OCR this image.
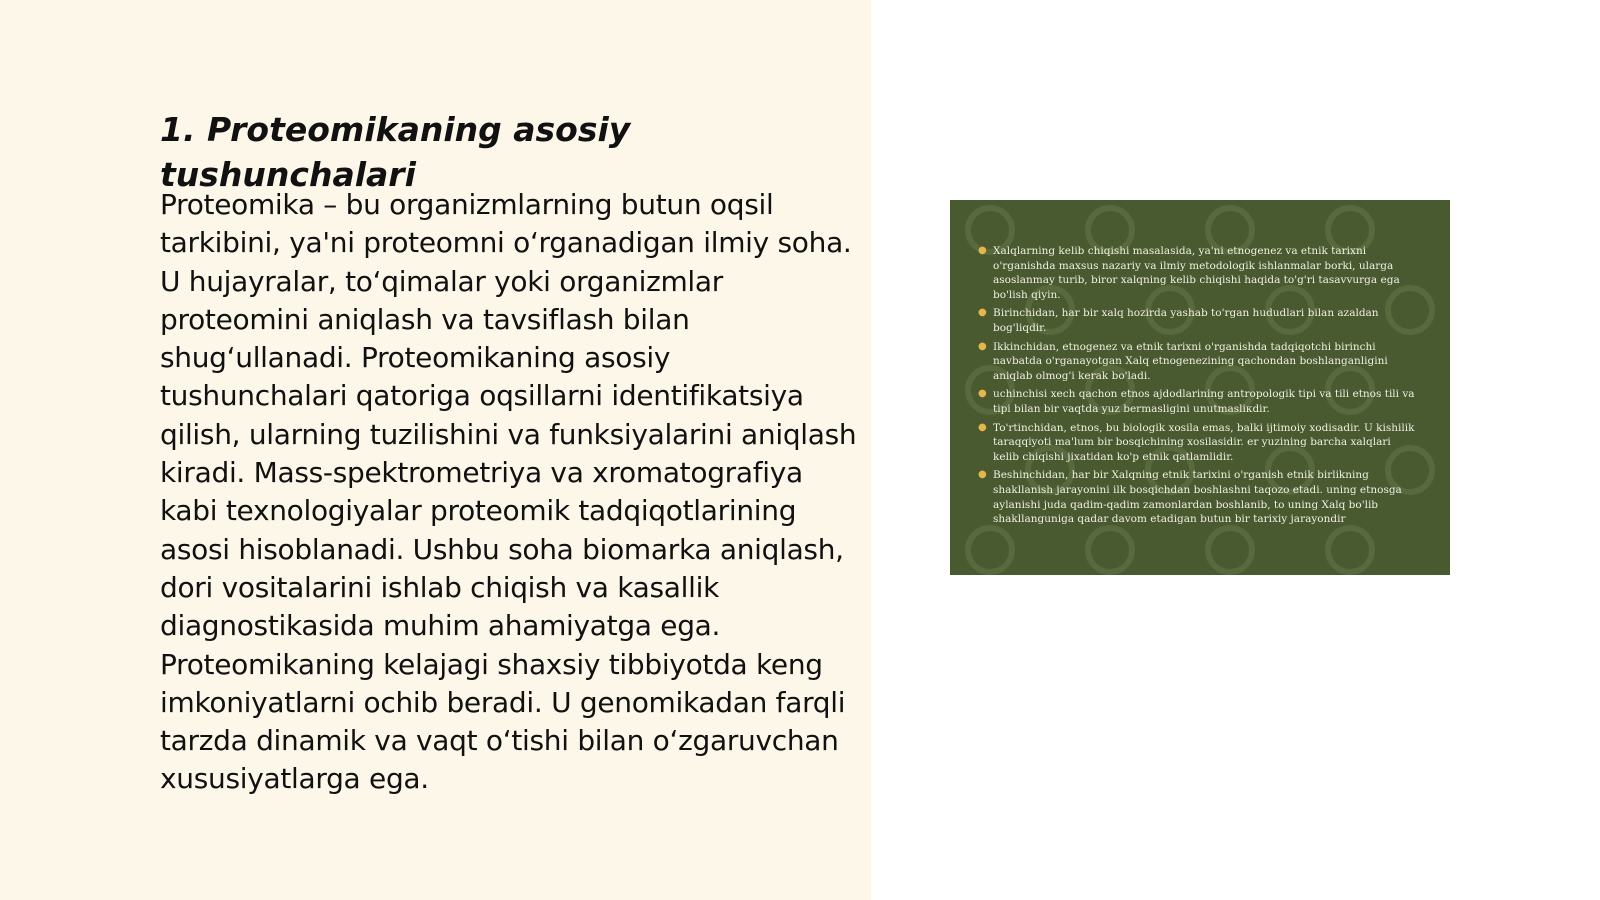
1. Proteomikaning asosiy tushunchalari

Proteomika – bu organizmlarning butun oqsil tarkibini, ya'ni proteomni o‘rganadigan ilmiy soha. U hujayralar, to‘qimalar yoki organizmlar proteomini aniqlash va tavsiflash bilan shug‘ullanadi. Proteomikaning asosiy tushunchalari qatoriga oqsillarni identifikatsiya qilish, ularning tuzilishini va funksiyalarini aniqlash kiradi. Mass-spektrometriya va xromatografiya kabi texnologiyalar proteomik tadqiqotlarining asosi hisoblanadi. Ushbu soha biomarka aniqlash, dori vositalarini ishlab chiqish va kasallik diagnostikasida muhim ahamiyatga ega. Proteomikaning kelajagi shaxsiy tibbiyotda keng imkoniyatlarni ochib beradi. U genomikadan farqli tarzda dinamik va vaqt o‘tishi bilan o‘zgaruvchan xususiyatlarga ega.

● Xalqlarning kelib chiqishi masalasida, ya'ni etnogenez va etnik tarixni o'rganishda maxsus nazariy va ilmiy metodologik ishlanmalar borki, ularga asoslanmay turib, biror xalqning kelib chiqishi haqida to'g'ri tasavvurga ega bo'lish qiyin.
● Birinchidan, har bir xalq hozirda yashab to'rgan hududlari bilan azaldan bog'liqdir.
● Ikkinchidan, etnogenez va etnik tarixni o'rganishda tadqiqotchi birinchi navbatda o'rganayotgan Xalq etnogenezining qachondan boshlanganligini aniqlab olmog'i kerak bo'ladi.
● uchinchisi xech qachon etnos ajdodlarining antropologik tipi va tili etnos tili va tipi bilan bir vaqtda yuz bermasligini unutmasliкdir.
● To'rtinchidan, etnos, bu biologik xosila emas, balki ijtimoiy xodisadir. U kishilik taraqqiyoti ma'lum bir bosqichining xosilasidir. er yuzining barcha xalqlari kelib chiqishi jixatidan ko'p etnik qatlamlidir.
● Beshinchidan, har bir Xalqning etnik tarixini o'rganish etnik birlikning shakllanish jarayonini ilk bosqichdan boshlashni taqozo etadi. uning etnosga aylanishi juda qadim-qadim zamonlardan boshlanib, to uning Xalq bo'lib shakllanguniga qadar davom etadigan butun bir tarixiy jarayondir
